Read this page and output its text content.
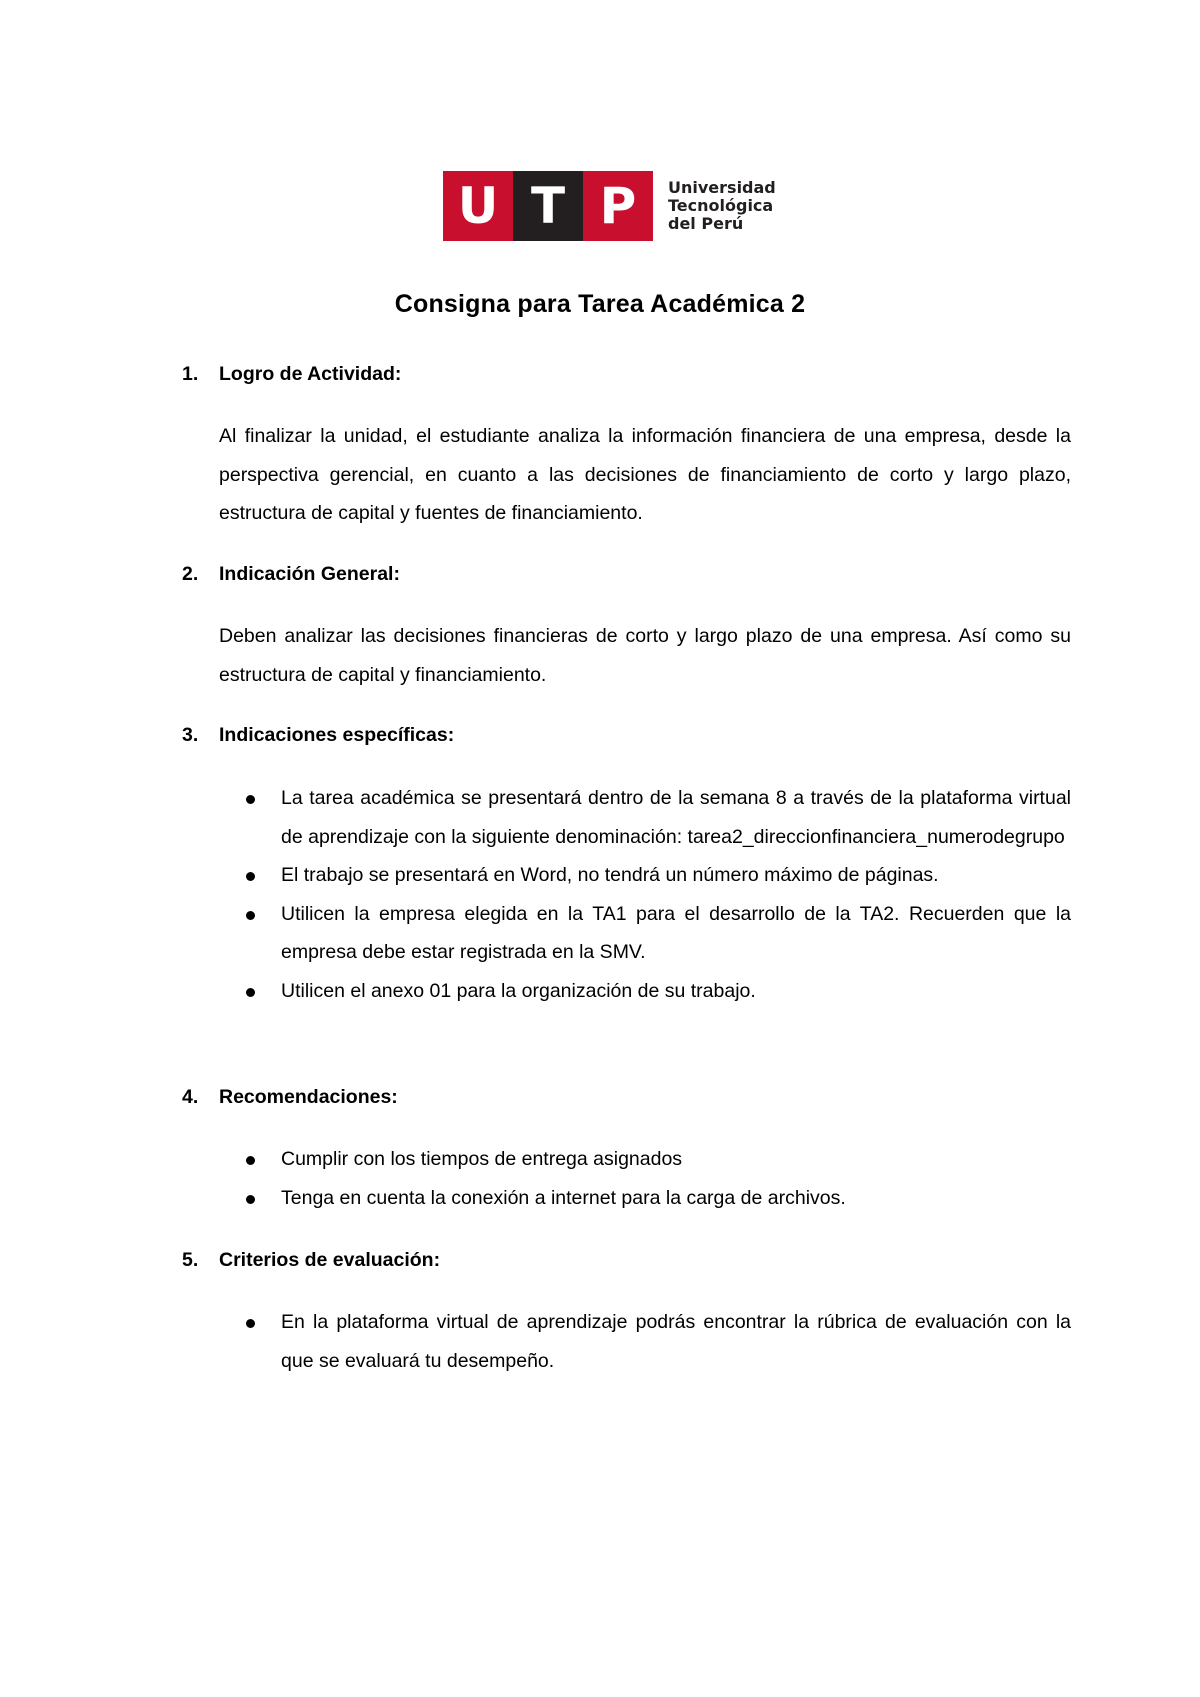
U T P	Universidad
Tecnológica
del Perú
Consigna para Tarea Académica 2
1. Logro de Actividad:
Al finalizar la unidad, el estudiante analiza la información financiera de una empresa, desde la perspectiva gerencial, en cuanto a las decisiones de financiamiento de corto y largo plazo, estructura de capital y fuentes de financiamiento.
2. Indicación General:
Deben analizar las decisiones financieras de corto y largo plazo de una empresa. Así como su estructura de capital y financiamiento.
3. Indicaciones específicas:
La tarea académica se presentará dentro de la semana 8 a través de la plataforma virtual de aprendizaje con la siguiente denominación: tarea2_direccionfinanciera_numerodegrupo
El trabajo se presentará en Word, no tendrá un número máximo de páginas.
Utilicen la empresa elegida en la TA1 para el desarrollo de la TA2. Recuerden que la empresa debe estar registrada en la SMV.
Utilicen el anexo 01 para la organización de su trabajo.
4. Recomendaciones:
Cumplir con los tiempos de entrega asignados
Tenga en cuenta la conexión a internet para la carga de archivos.
5. Criterios de evaluación:
En la plataforma virtual de aprendizaje podrás encontrar la rúbrica de evaluación con la que se evaluará tu desempeño.
